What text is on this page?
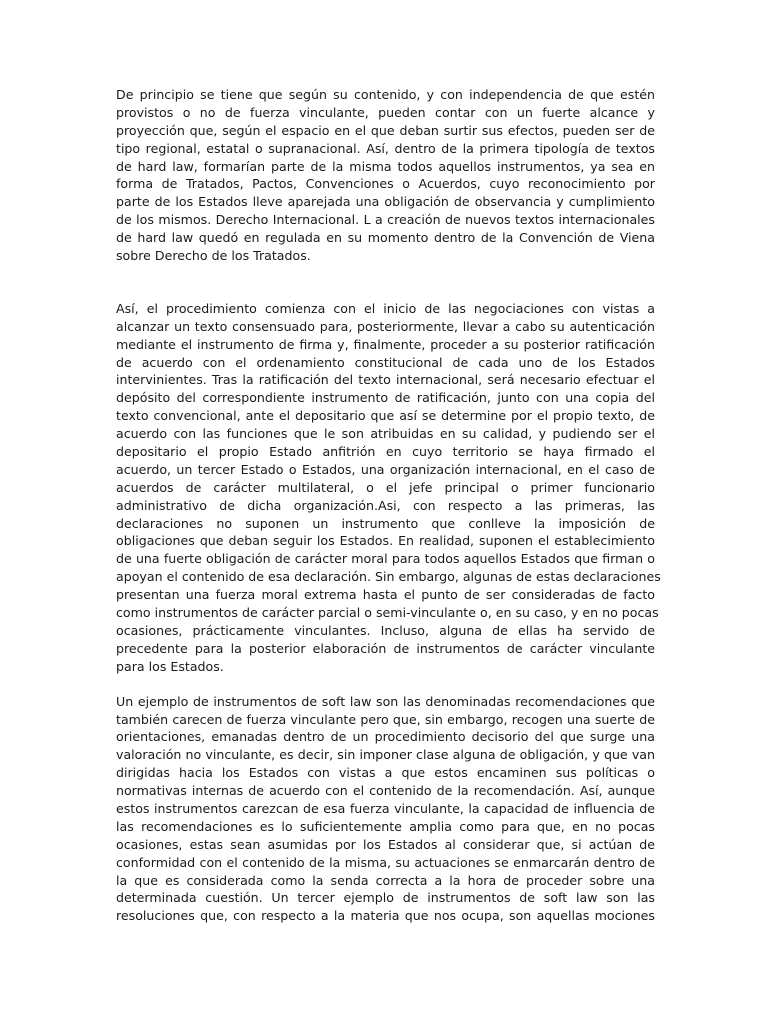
De principio se tiene que según su contenido, y con independencia de que estén
provistos o no de fuerza vinculante, pueden contar con un fuerte alcance y
proyección que, según el espacio en el que deban surtir sus efectos, pueden ser de
tipo regional, estatal o supranacional. Así, dentro de la primera tipología de textos
de hard law, formarían parte de la misma todos aquellos instrumentos, ya sea en
forma de Tratados, Pactos, Convenciones o Acuerdos, cuyo reconocimiento por
parte de los Estados lleve aparejada una obligación de observancia y cumplimiento
de los mismos. Derecho Internacional. L a creación de nuevos textos internacionales
de hard law quedó en regulada en su momento dentro de la Convención de Viena
sobre Derecho de los Tratados.
Así, el procedimiento comienza con el inicio de las negociaciones con vistas a
alcanzar un texto consensuado para, posteriormente, llevar a cabo su autenticación
mediante el instrumento de firma y, finalmente, proceder a su posterior ratificación
de acuerdo con el ordenamiento constitucional de cada uno de los Estados
intervinientes. Tras la ratificación del texto internacional, será necesario efectuar el
depósito del correspondiente instrumento de ratificación, junto con una copia del
texto convencional, ante el depositario que así se determine por el propio texto, de
acuerdo con las funciones que le son atribuidas en su calidad, y pudiendo ser el
depositario el propio Estado anfitrión en cuyo territorio se haya firmado el
acuerdo, un tercer Estado o Estados, una organización internacional, en el caso de
acuerdos de carácter multilateral, o el jefe principal o primer funcionario
administrativo de dicha organización.Asi, con respecto a las primeras, las
declaraciones no suponen un instrumento que conlleve la imposición de
obligaciones que deban seguir los Estados. En realidad, suponen el establecimiento
de una fuerte obligación de carácter moral para todos aquellos Estados que firman o
apoyan el contenido de esa declaración. Sin embargo, algunas de estas declaraciones
presentan una fuerza moral extrema hasta el punto de ser consideradas de facto
como instrumentos de carácter parcial o semi-vinculante o, en su caso, y en no pocas
ocasiones, prácticamente vinculantes. Incluso, alguna de ellas ha servido de
precedente para la posterior elaboración de instrumentos de carácter vinculante
para los Estados.
Un ejemplo de instrumentos de soft law son las denominadas recomendaciones que
también carecen de fuerza vinculante pero que, sin embargo, recogen una suerte de
orientaciones, emanadas dentro de un procedimiento decisorio del que surge una
valoración no vinculante, es decir, sin imponer clase alguna de obligación, y que van
dirigidas hacia los Estados con vistas a que estos encaminen sus políticas o
normativas internas de acuerdo con el contenido de la recomendación. Así, aunque
estos instrumentos carezcan de esa fuerza vinculante, la capacidad de influencia de
las recomendaciones es lo suficientemente amplia como para que, en no pocas
ocasiones, estas sean asumidas por los Estados al considerar que, si actúan de
conformidad con el contenido de la misma, su actuaciones se enmarcarán dentro de
la que es considerada como la senda correcta a la hora de proceder sobre una
determinada cuestión. Un tercer ejemplo de instrumentos de soft law son las
resoluciones que, con respecto a la materia que nos ocupa, son aquellas mociones
